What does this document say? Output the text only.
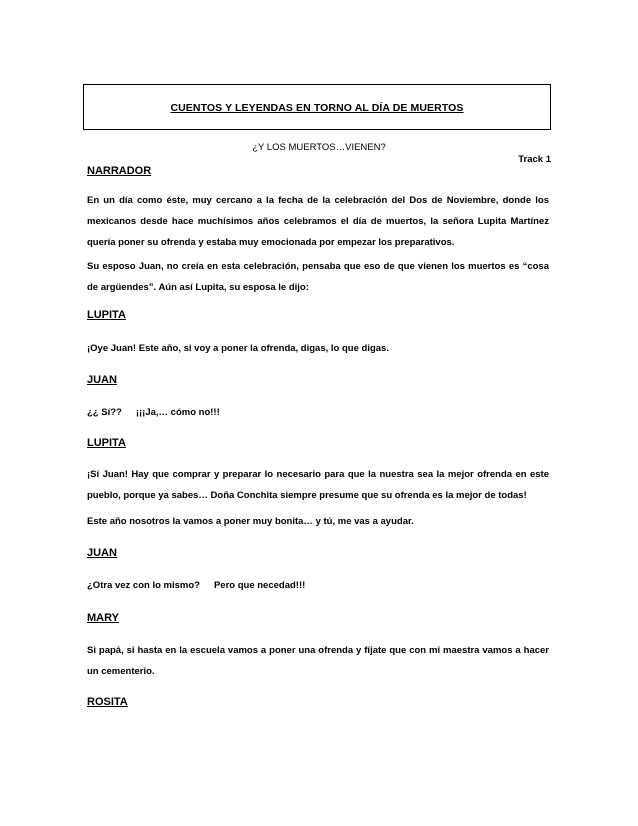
CUENTOS Y LEYENDAS EN TORNO AL DÍA DE MUERTOS
¿Y LOS MUERTOS…VIENEN?
Track 1
NARRADOR
En un día como éste, muy cercano a la fecha de la celebración del Dos de Noviembre, donde los mexicanos desde hace muchísimos años celebramos el día de muertos, la señora Lupita Martínez quería poner su ofrenda y estaba muy emocionada por empezar los preparativos.
Su esposo Juan, no creía en esta celebración, pensaba que eso de que vienen los muertos es “cosa de argüendes”. Aún así Lupita, su esposa le dijo:
LUPITA
¡Oye Juan! Este año, si voy a poner la ofrenda, digas, lo que digas.
JUAN
¿¿ Sí?? ¡¡¡Ja,… cómo no!!!
LUPITA
¡Sí Juan! Hay que comprar y preparar lo necesario para que la nuestra sea la mejor ofrenda en este pueblo, porque ya sabes… Doña Conchita siempre presume que su ofrenda es la mejor de todas!
Este año nosotros la vamos a poner muy bonita… y tú, me vas a ayudar.
JUAN
¿Otra vez con lo mismo? Pero que necedad!!!
MARY
Si papá, si hasta en la escuela vamos a poner una ofrenda y fíjate que con mi maestra vamos a hacer un cementerio.
ROSITA
